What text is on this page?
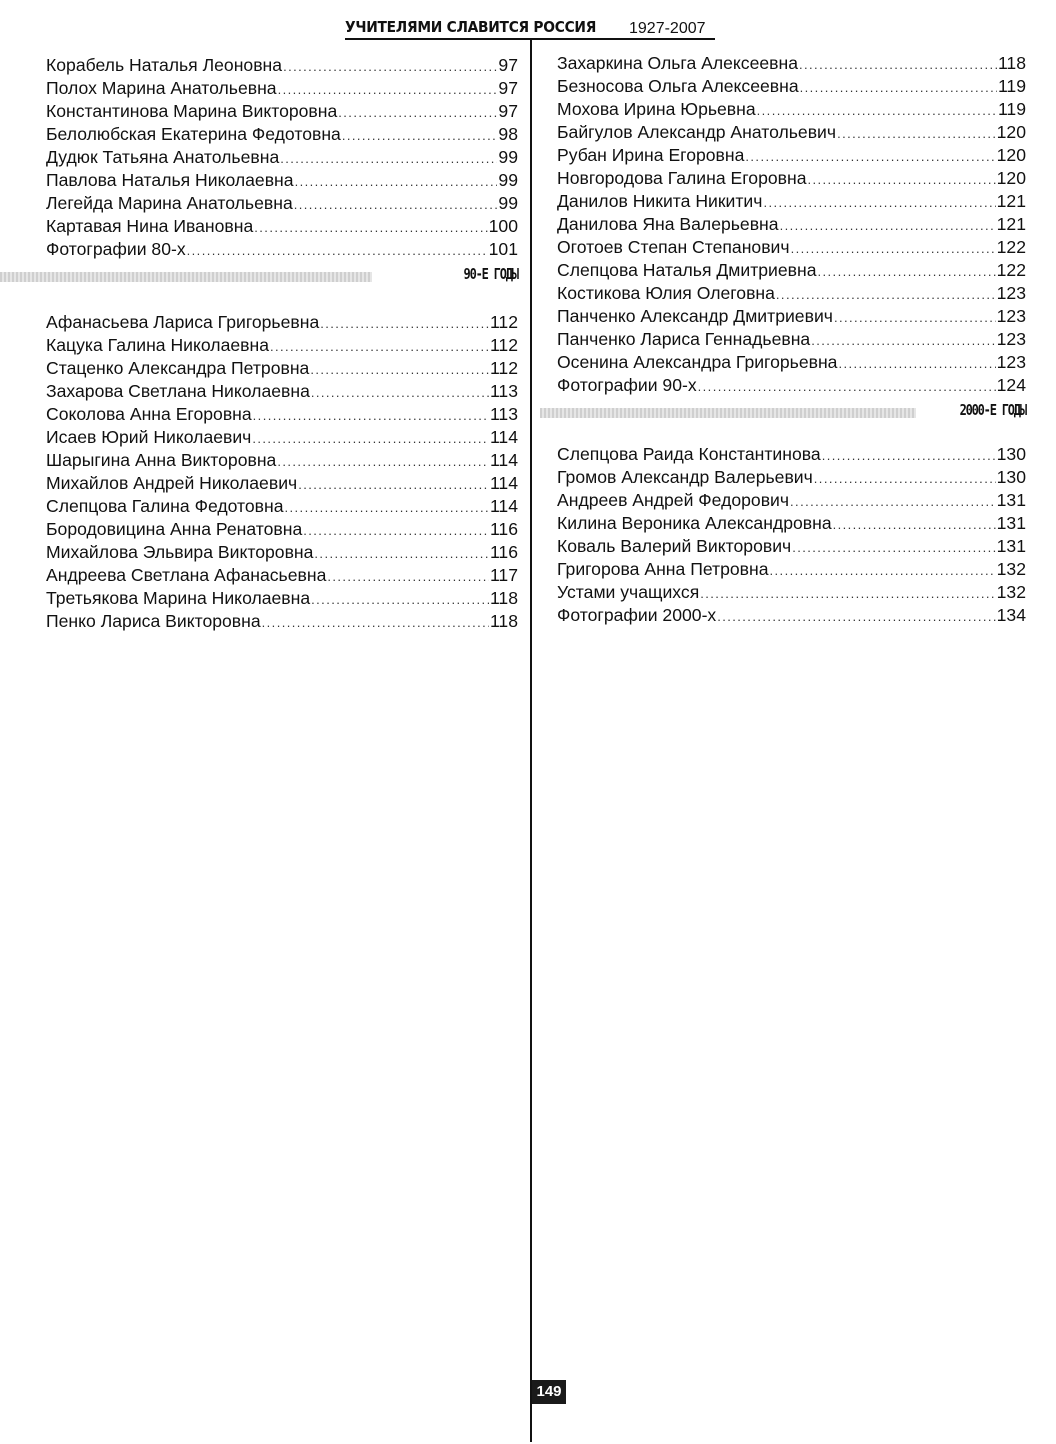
УЧИТЕЛЯМИ СЛАВИТСЯ РОССИЯ 1927-2007
Корабель Наталья Леоновна .....	97
Полох Марина Анатольевна .....	97
Константинова Марина Викторовна .....	97
Белолюбская Екатерина Федотовна .....	98
Дудюк Татьяна Анатольевна .....	99
Павлова Наталья Николаевна .....	99
Легейда Марина Анатольевна .....	99
Картавая Нина Ивановна .....	100
Фотографии 80-х .....	101
90-Е ГОДЫ
Афанасьева Лариса Григорьевна .....	112
Кацука Галина Николаевна .....	112
Стаценко Александра Петровна .....	112
Захарова Светлана Николаевна .....	113
Соколова Анна Егоровна .....	113
Исаев Юрий Николаевич .....	114
Шарыгина Анна Викторовна .....	114
Михайлов Андрей Николаевич .....	114
Слепцова Галина Федотовна .....	114
Бородовицина Анна Ренатовна .....	116
Михайлова Эльвира Викторовна .....	116
Андреева Светлана Афанасьевна .....	117
Третьякова Марина Николаевна .....	118
Пенко Лариса Викторовна .....	118
Захаркина Ольга Алексеевна .....	118
Безносова Ольга Алексеевна .....	119
Мохова Ирина Юрьевна .....	119
Байгулов Александр Анатольевич .....	120
Рубан Ирина Егоровна .....	120
Новгородова Галина Егоровна .....	120
Данилов Никита Никитич .....	121
Данилова Яна Валерьевна .....	121
Оготоев Степан Степанович .....	122
Слепцова Наталья Дмитриевна .....	122
Костикова Юлия Олеговна .....	123
Панченко Александр Дмитриевич .....	123
Панченко Лариса Геннадьевна .....	123
Осенина Александра Григорьевна .....	123
Фотографии 90-х .....	124
2000-Е ГОДЫ
Слепцова Раида Константинова .....	130
Громов Александр Валерьевич .....	130
Андреев Андрей Федорович .....	131
Килина Вероника Александровна .....	131
Коваль Валерий Викторович .....	131
Григорова Анна Петровна .....	132
Устами учащихся .....	132
Фотографии 2000-х .....	134
149
